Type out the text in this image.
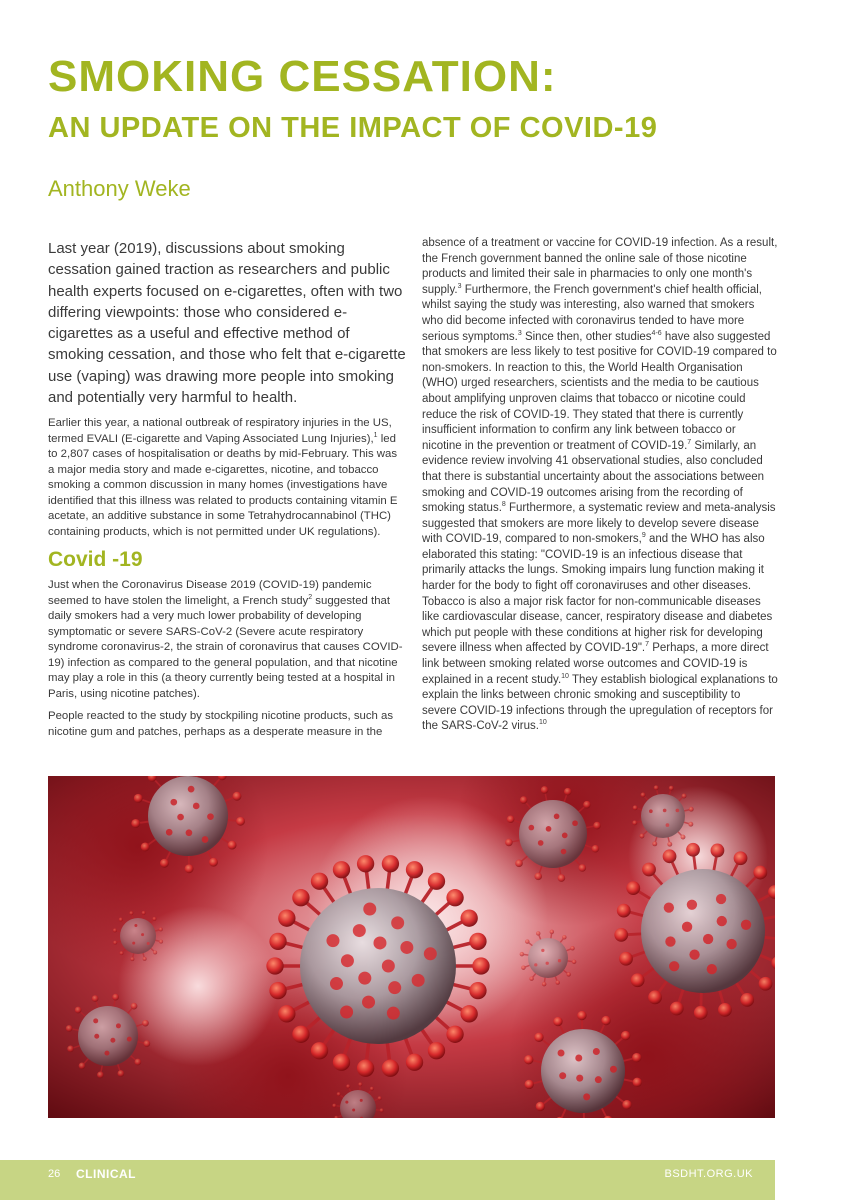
SMOKING CESSATION:
AN UPDATE ON THE IMPACT OF COVID-19
Anthony Weke

Last year (2019), discussions about smoking cessation gained traction as researchers and public health experts focused on e-cigarettes, often with two differing viewpoints: those who considered e-cigarettes as a useful and effective method of smoking cessation, and those who felt that e-cigarette use (vaping) was drawing more people into smoking and potentially very harmful to health.

Earlier this year, a national outbreak of respiratory injuries in the US, termed EVALI (E-cigarette and Vaping Associated Lung Injuries),$^1$ led to 2,807 cases of hospitalisation or deaths by mid-February. This was a major media story and made e-cigarettes, nicotine, and tobacco smoking a common discussion in many homes (investigations have identified that this illness was related to products containing vitamin E acetate, an additive substance in some Tetrahydrocannabinol (THC) containing products, which is not permitted under UK regulations).

Covid -19

Just when the Coronavirus Disease 2019 (COVID-19) pandemic seemed to have stolen the limelight, a French study$^2$ suggested that daily smokers had a very much lower probability of developing symptomatic or severe SARS-CoV-2 (Severe acute respiratory syndrome coronavirus-2, the strain of coronavirus that causes COVID-19) infection as compared to the general population, and that nicotine may play a role in this (a theory currently being tested at a hospital in Paris, using nicotine patches).

People reacted to the study by stockpiling nicotine products, such as nicotine gum and patches, perhaps as a desperate measure in the

absence of a treatment or vaccine for COVID-19 infection. As a result, the French government banned the online sale of those nicotine products and limited their sale in pharmacies to only one month's supply.$^3$ Furthermore, the French government's chief health official, whilst saying the study was interesting, also warned that smokers who did become infected with coronavirus tended to have more serious symptoms.$^3$ Since then, other studies$^{4-6}$ have also suggested that smokers are less likely to test positive for COVID-19 compared to non-smokers. In reaction to this, the World Health Organisation (WHO) urged researchers, scientists and the media to be cautious about amplifying unproven claims that tobacco or nicotine could reduce the risk of COVID-19. They stated that there is currently insufficient information to confirm any link between tobacco or nicotine in the prevention or treatment of COVID-19.$^7$ Similarly, an evidence review involving 41 observational studies, also concluded that there is substantial uncertainty about the associations between smoking and COVID-19 outcomes arising from the recording of smoking status.$^8$ Furthermore, a systematic review and meta-analysis suggested that smokers are more likely to develop severe disease with COVID-19, compared to non-smokers,$^9$ and the WHO has also elaborated this stating: "COVID-19 is an infectious disease that primarily attacks the lungs. Smoking impairs lung function making it harder for the body to fight off coronaviruses and other diseases. Tobacco is also a major risk factor for non-communicable diseases like cardiovascular disease, cancer, respiratory disease and diabetes which put people with these conditions at higher risk for developing severe illness when affected by COVID-19".$^7$ Perhaps, a more direct link between smoking related worse outcomes and COVID-19 is explained in a recent study.$^{10}$ They establish biological explanations to explain the links between chronic smoking and susceptibility to severe COVID-19 infections through the upregulation of receptors for the SARS-CoV-2 virus.$^{10}$

26 CLINICAL	BSDHT.ORG.UK
